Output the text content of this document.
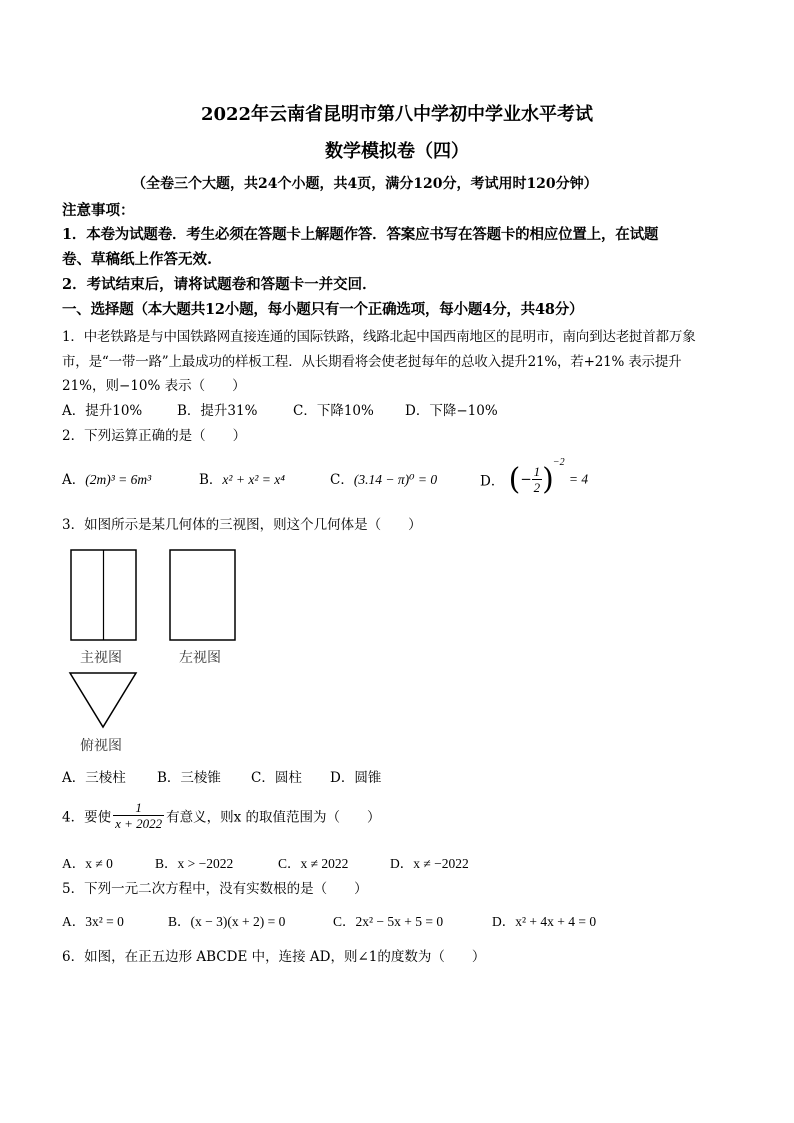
2022年云南省昆明市第八中学初中学业水平考试
数学模拟卷（四）
（全卷三个大题，共24个小题，共4页，满分120分，考试用时120分钟）
注意事项：
1．本卷为试题卷．考生必须在答题卡上解题作答．答案应书写在答题卡的相应位置上，在试题
卷、草稿纸上作答无效.
2．考试结束后，请将试题卷和答题卡一并交回．
一、选择题（本大题共12小题，每小题只有一个正确选项，每小题4分，共48分）
1．中老铁路是与中国铁路网直接连通的国际铁路，线路北起中国西南地区的昆明市，南向到达老挝首都万象
市，是“一带一路”上最成功的样板工程．从长期看将会使老挝每年的总收入提升21%，若+21% 表示提升
21%，则−10% 表示（　　）
A．提升10%	B．提升31%	C．下降10% D．下降−10%
2．下列运算正确的是（　　）
A．(2m)³ = 6m³	B．x² + x² = x⁴	C．(3.14 − π)⁰ = 0	D． (− $\frac{1}{2} )^{-2} = 4$
3．如图所示是某几何体的三视图，则这个几何体是（　　）
主视图	左视图
俯视图
A．三棱柱 B．三棱锥 C．圆柱 D．圆锥
4．要使 $\frac{1}{x + 2022}$ 有意义，则x 的取值范围为（　　）
A．x ≠ 0	B．x > −2022	C．x ≠ 2022	D．x ≠ −2022
5．下列一元二次方程中，没有实数根的是（　　）
A．3x² = 0	B．(x − 3)(x + 2) = 0	C．2x² − 5x + 5 = 0	D．x² + 4x + 4 = 0
6．如图，在正五边形 ABCDE 中，连接 AD，则∠1的度数为（　　）
